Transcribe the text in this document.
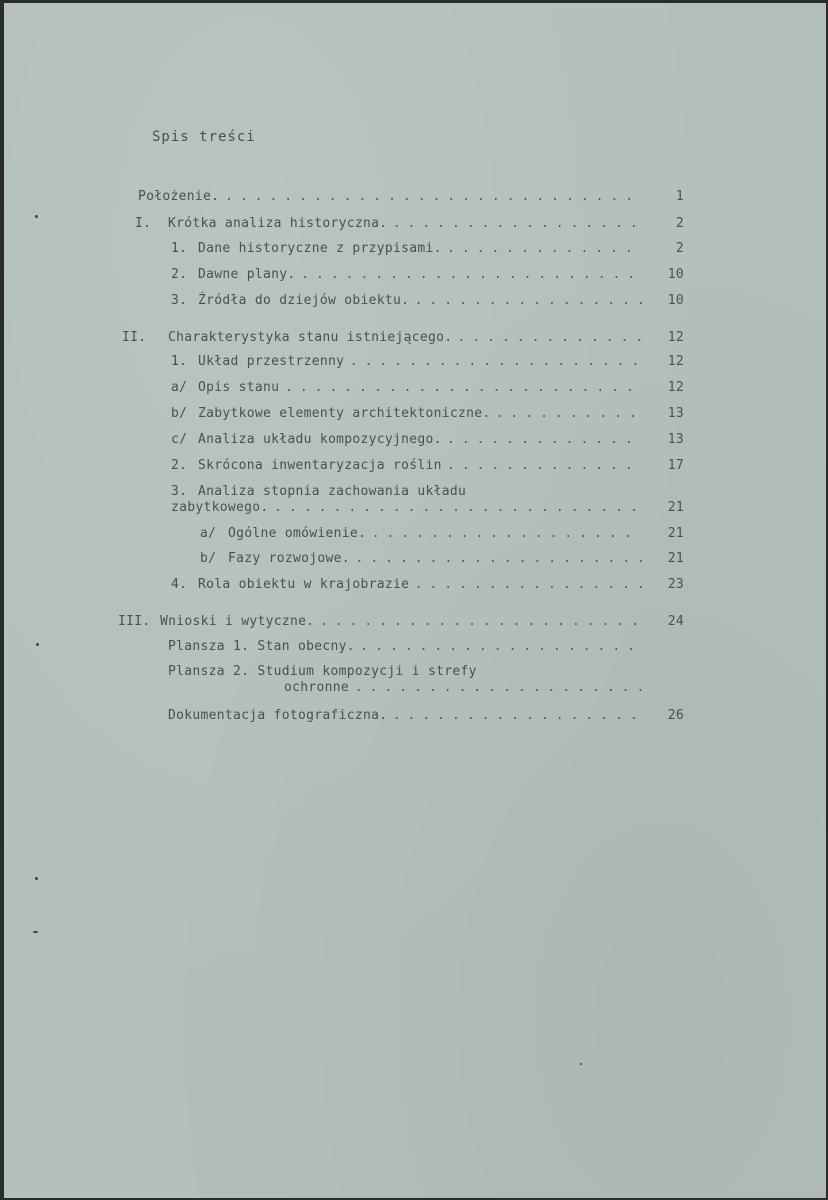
Spis treści
Położenie. ............................	1
I. Krótka analiza historyczna. ................. 2
1. Dane historyczne z przypisami. .............	2
2. Dawne plany. ....................... 10
3. Źródła do dziejów obiektu. ................ 10
II. Charakterystyka stanu istniejącego. ............. 12
1. Układ przestrzenny .................... 12
a/ Opis stanu ........................ 12
b/ Zabytkowe elementy architektoniczne. .......... 13
c/ Analiza układu kompozycyjnego. ............. 13
2. Skrócona inwentaryzacja roślin ............. 17
3. Analiza stopnia zachowania układu
zabytkowego. ......................... 21
a/ Ogólne omówienie. .................. 21
b/ Fazy rozwojowe. .................... 21
4. Rola obiektu w krajobrazie ................ 23
III. Wnioski i wytyczne. ...................... 24
Plansza 1. Stan obecny. ...................
Plansza 2. Studium kompozycji i strefy
ochronne ....................
Dokumentacja fotograficzna. ................. 26
